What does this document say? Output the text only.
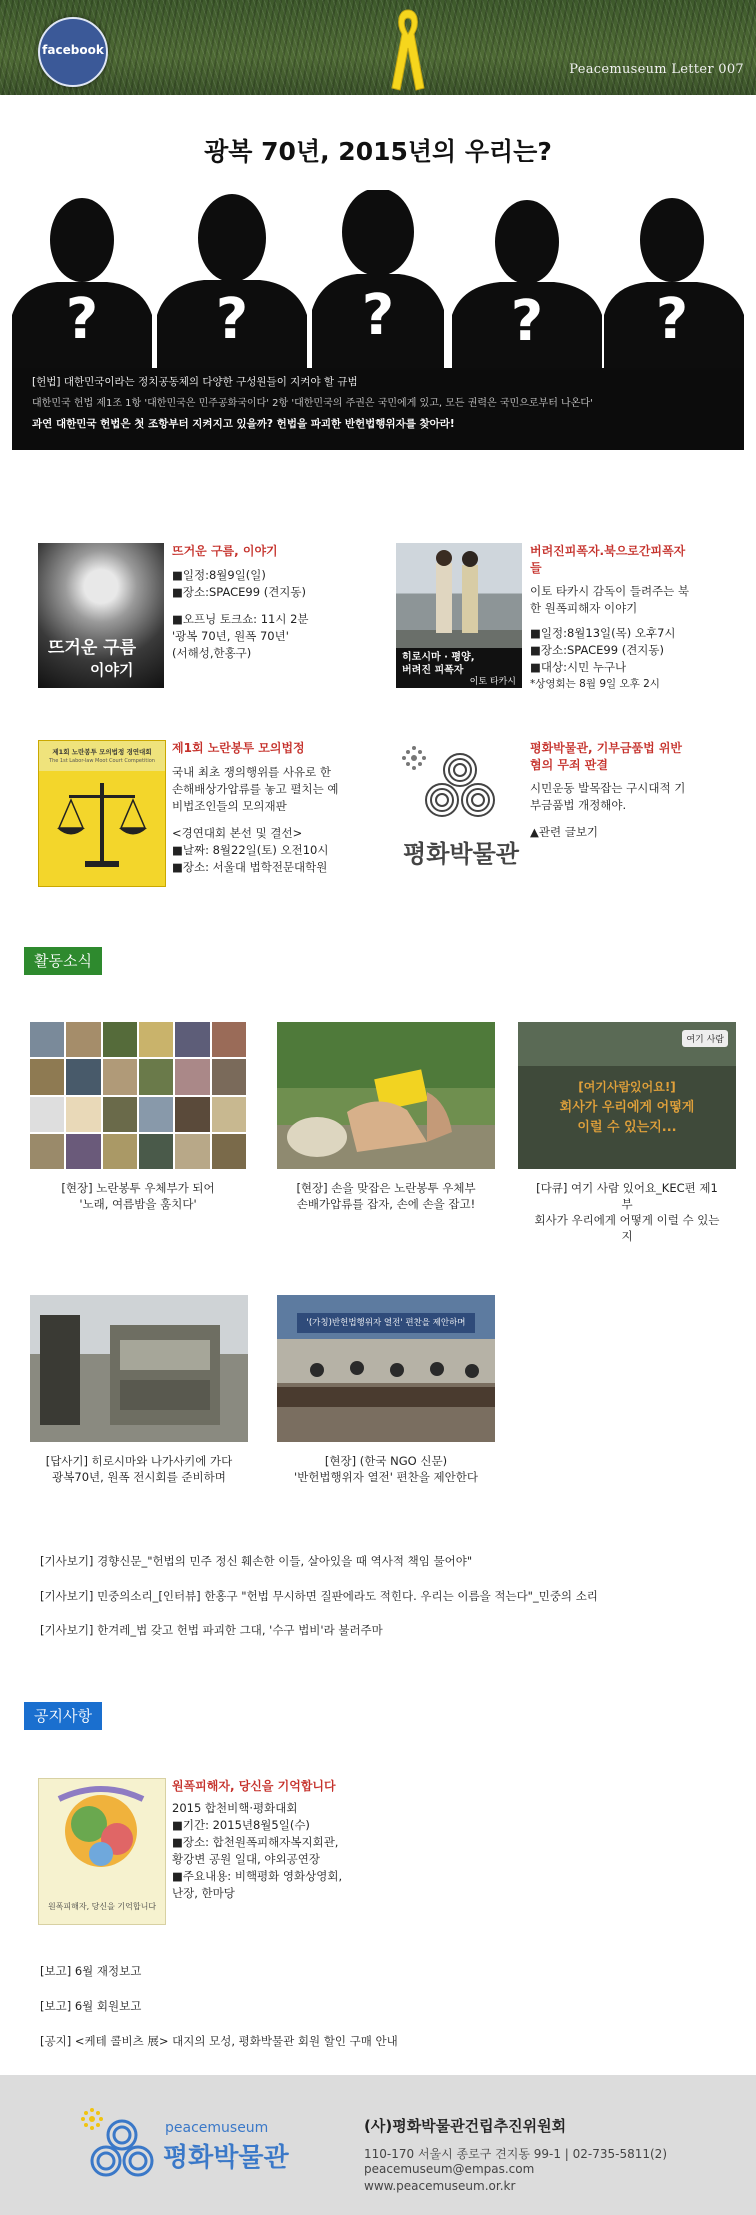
facebook
Peacemuseum Letter 007
광복 70년, 2015년의 우리는?
? ? ? ? ?
[헌법] 대한민국이라는 정치공동체의 다양한 구성원들이 지켜야 할 규범
대한민국 헌법 제1조 1항 '대한민국은 민주공화국이다' 2항 '대한민국의 주권은 국민에게 있고, 모든 권력은 국민으로부터 나온다'
과연 대한민국 헌법은 첫 조항부터 지켜지고 있을까? 헌법을 파괴한 반헌법행위자를 찾아라!
뜨거운 구름
이야기
뜨거운 구름, 이야기
■일정:8월9일(일)
■장소:SPACE99 (견지동)
■오프닝 토크쇼: 11시 2분
'광복 70년, 원폭 70년'
(서해성,한홍구)	히로시마 · 평양,
버려진 피폭자
이토 타카시
버려진피폭자.북으로간피폭자
들
이토 타카시 감독이 들려주는 북
한 원폭피해자 이야기
■일정:8월13일(목) 오후7시
■장소:SPACE99 (견지동)
■대상:시민 누구나
*상영회는 8월 9일 오후 2시
제1회 노란봉투 모의법정 경연대회
The 1st Labor-law Moot Court Competition
제1회 노란봉투 모의법정
국내 최초 쟁의행위를 사유로 한
손해배상가압류를 놓고 펼치는 예
비법조인들의 모의재판
<경연대회 본선 및 결선>
■날짜: 8월22일(토) 오전10시
■장소: 서울대 법학전문대학원	평화박물관
평화박물관, 기부금품법 위반
혐의 무죄 판결
시민운동 발목잡는 구시대적 기
부금품법 개정해야.
▲관련 글보기
활동소식
[현장] 노란봉투 우체부가 되어
'노래, 여름밤을 훔치다'
[현장] 손을 맞잡은 노란봉투 우체부
손배가압류를 잡자, 손에 손을 잡고!
여기 사람
[여기사람있어요!]
회사가 우리에게 어떻게
이럴 수 있는지...
[다큐] 여기 사람 있어요_KEC편 제1
부
회사가 우리에게 어떻게 이럴 수 있는
지
[답사기] 히로시마와 나가사키에 가다
광복70년, 원폭 전시회를 준비하며
'(가칭)반헌법행위자 열전' 편찬을 제안하며
[현장] (한국 NGO 신문)
'반헌법행위자 열전' 편찬을 제안한다
[기사보기] 경향신문_"헌법의 민주 정신 훼손한 이들, 살아있을 때 역사적 책임 물어야"
[기사보기] 민중의소리_[인터뷰] 한홍구 "헌법 무시하면 질판에라도 적힌다. 우리는 이름을 적는다"_민중의 소리
[기사보기] 한겨레_법 갖고 헌법 파괴한 그대, '수구 법비'라 불러주마
공지사항
원폭피해자, 당신을 기억합니다
원폭피해자, 당신을 기억합니다
2015 합천비핵·평화대회
■기간: 2015년8월5일(수)
■장소: 합천원폭피해자복지회관,
황강변 공원 일대, 야외공연장
■주요내용: 비핵평화 영화상영회,
난장, 한마당
[보고] 6월 재정보고
[보고] 6월 회원보고
[공지] <케테 콜비츠 展> 대지의 모성, 평화박물관 회원 할인 구매 안내
peacemuseum
평화박물관
(사)평화박물관건립추진위원회
110-170 서울시 종로구 견지동 99-1 | 02-735-5811(2)
peacemuseum@empas.com
www.peacemuseum.or.kr
